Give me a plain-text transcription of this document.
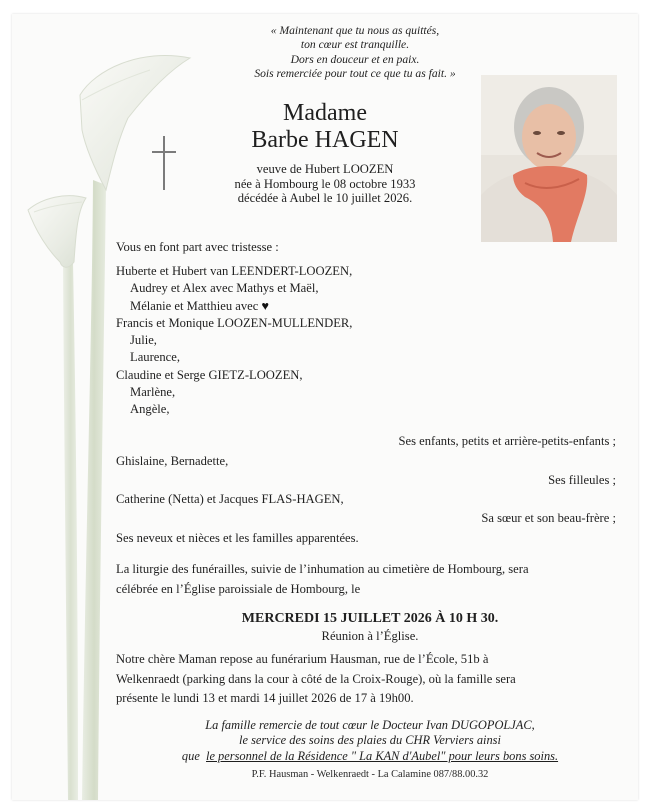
« Maintenant que tu nous as quittés,
ton cœur est tranquille.
Dors en douceur et en paix.
Sois remerciée pour tout ce que tu as fait. »
Madame
Barbe HAGEN
veuve de Hubert LOOZEN
née à Hombourg le 08 octobre 1933
décédée à Aubel le 10 juillet 2026.
Vous en font part avec tristesse :
Huberte et Hubert van LEENDERT-LOOZEN,
Audrey et Alex avec Mathys et Maël,
Mélanie et Matthieu avec ♥
Francis et Monique LOOZEN-MULLENDER,
Julie,
Laurence,
Claudine et Serge GIETZ-LOOZEN,
Marlène,
Angèle,
Ses enfants, petits et arrière-petits-enfants ;
Ghislaine, Bernadette,
Ses filleules ;
Catherine (Netta) et Jacques FLAS-HAGEN,
Sa sœur et son beau-frère ;
Ses neveux et nièces et les familles apparentées.
La liturgie des funérailles, suivie de l’inhumation au cimetière de Hombourg, sera
célébrée en l’Église paroissiale de Hombourg, le
MERCREDI 15 JUILLET 2026 À 10 H 30.
Réunion à l’Église.
Notre chère Maman repose au funérarium Hausman, rue de l’École, 51b à
Welkenraedt (parking dans la cour à côté de la Croix-Rouge), où la famille sera
présente le lundi 13 et mardi 14 juillet 2026 de 17 à 19h00.
La famille remercie de tout cœur le Docteur Ivan DUGOPOLJAC,
le service des soins des plaies du CHR Verviers ainsi
que le personnel de la Résidence " La KAN d'Aubel" pour leurs bons soins.
P.F. Hausman - Welkenraedt - La Calamine 087/88.00.32
